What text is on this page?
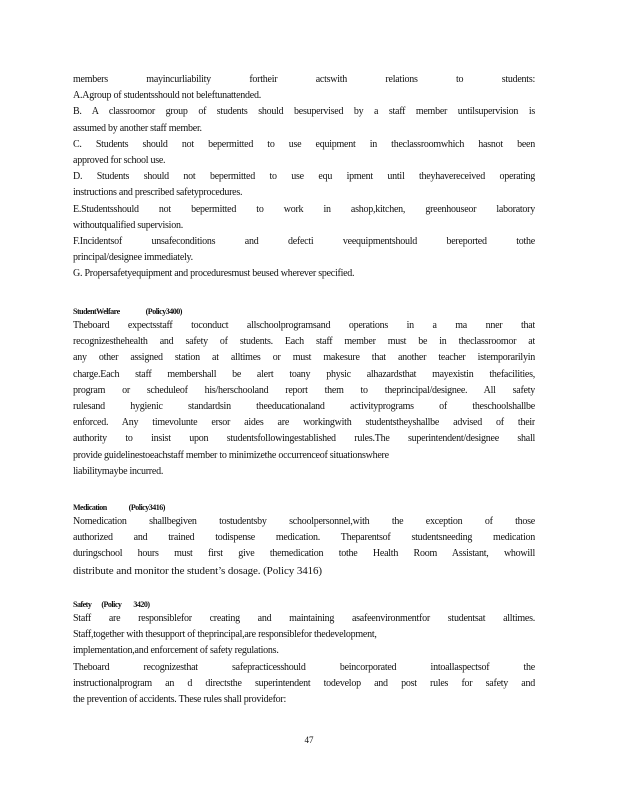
members mayincurliability fortheir actswith relations to students:
A.Agroup of studentsshould not beleftunattended.
B. A classroomor group of students should besupervised by a staff member untilsupervision is
assumed by another staff member.
C. Students should not bepermitted to use equipment in theclassroomwhich hasnot been
approved for school use.
D. Students should not bepermitted to use equ ipment until theyhavereceived operating
instructions and prescribed safetyprocedures.
E.Studentsshould not bepermitted to work in ashop,kitchen, greenhouseor laboratory
withoutqualified supervision.
F.Incidentsof unsafeconditions and defecti veequipmentshould bereported tothe
principal/designee immediately.
G. Propersafetyequipment and proceduresmust beused wherever specified.
StudentWelfare	(Policy3400)
Theboard expectsstaff toconduct allschoolprogramsand operations in a ma nner that
recognizesthehealth and safety of students. Each staff member must be in theclassroomor at
any other assigned station at alltimes or must makesure that another teacher istemporarilyin
charge.Each staff membershall be alert toany physic alhazardsthat mayexistin thefacilities,
program or scheduleof his/herschooland report them to theprincipal/designee. All safety
rulesand hygienic standardsin theeducationaland activityprograms of theschoolshallbe
enforced. Any timevolunte ersor aides are workingwith studentstheyshallbe advised of their
authority to insist upon studentsfollowingestablished rules.The superintendent/designee shall
provide guidelinestoeachstaff member to minimizethe occurrenceof situationswhere
liabilitymaybe incurred.
Medication	(Policy3416)
Nomedication shallbegiven tostudentsby schoolpersonnel,with the exception of those
authorized and trained todispense medication. Theparentsof studentsneeding medication
duringschool hours must first give themedication tothe Health Room Assistant, whowill
distribute and monitor the student’s dosage. (Policy 3416)
Safety (Policy        3420)
Staff are responsiblefor creating and maintaining asafeenvironmentfor studentsat alltimes.
Staff,together with thesupport of theprincipal,are responsiblefor thedevelopment,
implementation,and enforcement of safety regulations.
Theboard recognizesthat safepracticesshould beincorporated intoallaspectsof the
instructionalprogram an d directsthe superintendent todevelop and post rules for safety and
the prevention of accidents. These rules shall providefor:
47
